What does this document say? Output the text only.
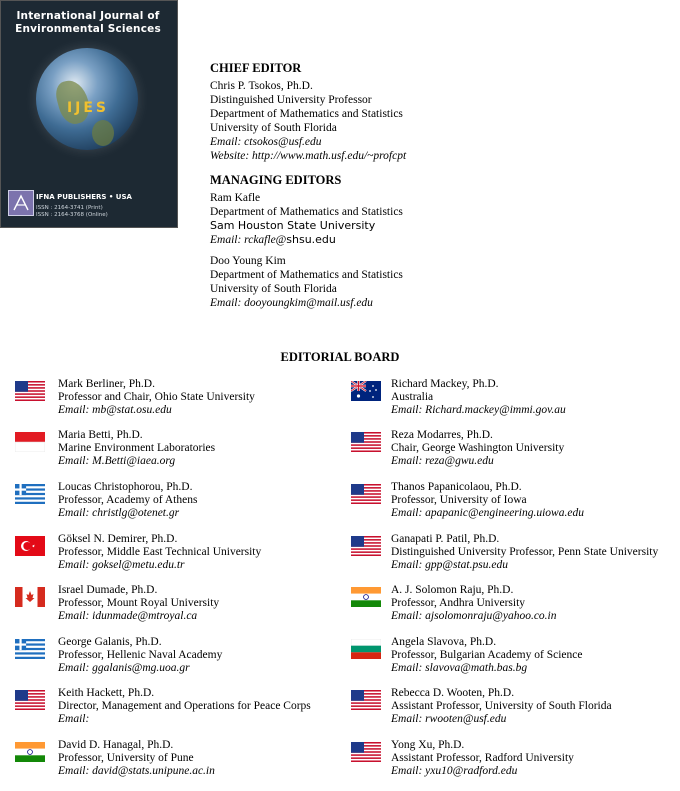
CHIEF EDITOR
Chris P. Tsokos, Ph.D.
Distinguished University Professor
Department of Mathematics and Statistics
University of South Florida
Email: ctsokos@usf.edu
Website: http://www.math.usf.edu/~profcpt
MANAGING EDITORS
Ram Kafle
Department of Mathematics and Statistics
Sam Houston State University
Email: rckafle@shsu.edu
Doo Young Kim
Department of Mathematics and Statistics
University of South Florida
Email: dooyoungkim@mail.usf.edu
International Journal of
Environmental Sciences
IJES
IFNA PUBLISHERS • USA
ISSN : 2164-3741 (Print)
ISSN : 2164-3768 (Online)
EDITORIAL BOARD
Mark Berliner, Ph.D.
Professor and Chair, Ohio State University
Email: mb@stat.osu.edu
Maria Betti, Ph.D.
Marine Environment Laboratories
Email: M.Betti@iaea.org
Loucas Christophorou, Ph.D.
Professor, Academy of Athens
Email: christlg@otenet.gr
Göksel N. Demirer, Ph.D.
Professor, Middle East Technical University
Email: goksel@metu.edu.tr
Israel Dumade, Ph.D.
Professor, Mount Royal University
Email: idunmade@mtroyal.ca
George Galanis, Ph.D.
Professor, Hellenic Naval Academy
Email: ggalanis@mg.uoa.gr
Keith Hackett, Ph.D.
Director, Management and Operations for Peace Corps
Email:
David D. Hanagal, Ph.D.
Professor, University of Pune
Email: david@stats.unipune.ac.in
Richard Mackey, Ph.D.
Australia
Email: Richard.mackey@immi.gov.au
Reza Modarres, Ph.D.
Chair, George Washington University
Email: reza@gwu.edu
Thanos Papanicolaou, Ph.D.
Professor, University of Iowa
Email: apapanic@engineering.uiowa.edu
Ganapati P. Patil, Ph.D.
Distinguished University Professor, Penn State University
Email: gpp@stat.psu.edu
A. J. Solomon Raju, Ph.D.
Professor, Andhra University
Email: ajsolomonraju@yahoo.co.in
Angela Slavova, Ph.D.
Professor, Bulgarian Academy of Science
Email: slavova@math.bas.bg
Rebecca D. Wooten, Ph.D.
Assistant Professor, University of South Florida
Email: rwooten@usf.edu
Yong Xu, Ph.D.
Assistant Professor, Radford University
Email: yxu10@radford.edu
